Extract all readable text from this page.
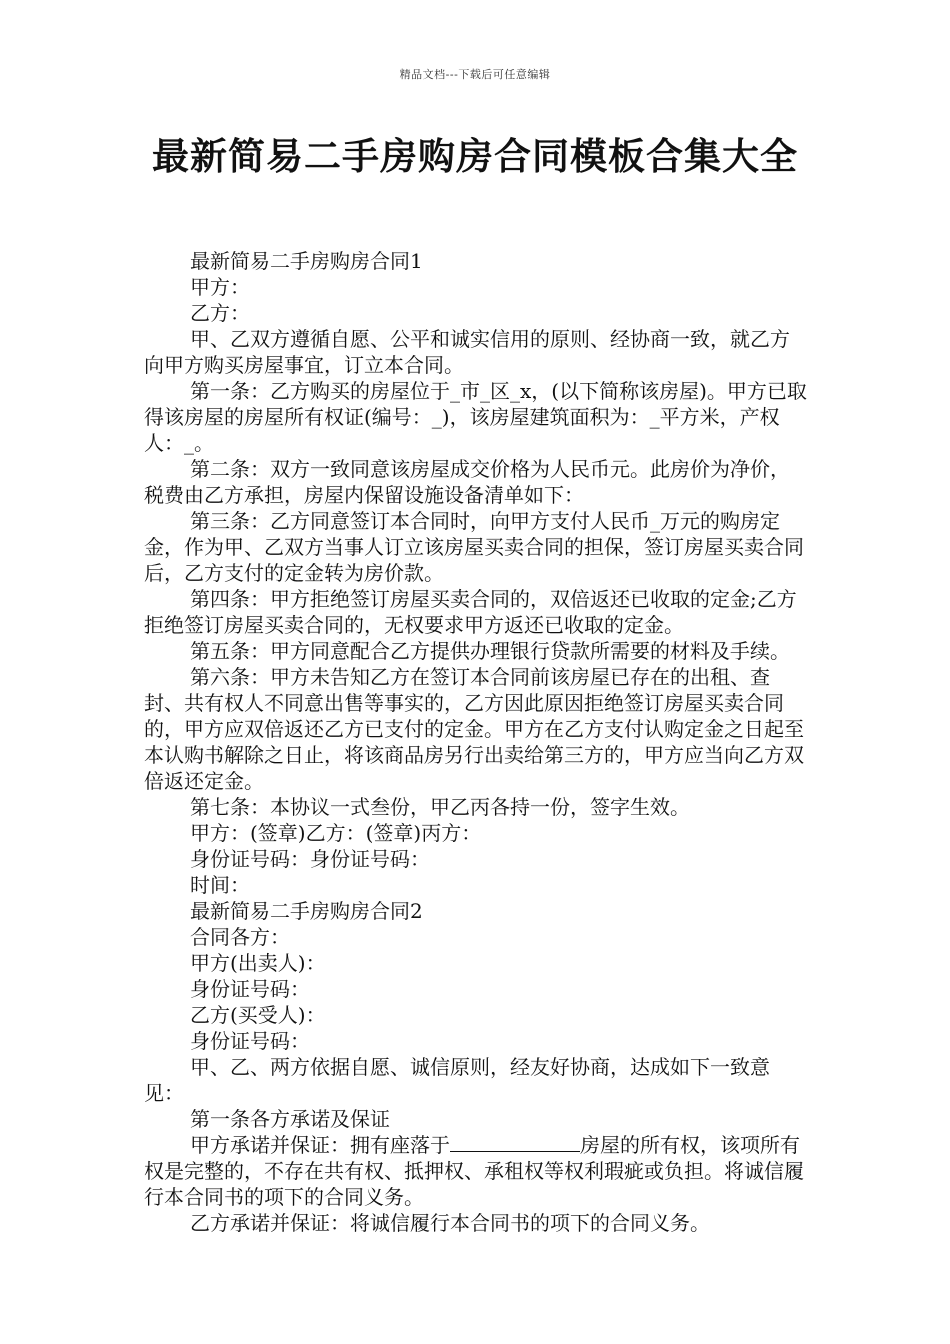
精品文档---下载后可任意编辑
最新简易二手房购房合同模板合集大全

最新简易二手房购房合同1

甲方：

乙方：

甲、乙双方遵循自愿、公平和诚实信用的原则、经协商一致，就乙方向甲方购买房屋事宜，订立本合同。

第一条：乙方购买的房屋位于_市_区_x，(以下简称该房屋)。甲方已取得该房屋的房屋所有权证(编号：_)，该房屋建筑面积为：_平方米，产权人：_。

第二条：双方一致同意该房屋成交价格为人民币元。此房价为净价，税费由乙方承担，房屋内保留设施设备清单如下：

第三条：乙方同意签订本合同时，向甲方支付人民币_万元的购房定金，作为甲、乙双方当事人订立该房屋买卖合同的担保，签订房屋买卖合同后，乙方支付的定金转为房价款。

第四条：甲方拒绝签订房屋买卖合同的，双倍返还已收取的定金;乙方拒绝签订房屋买卖合同的，无权要求甲方返还已收取的定金。

第五条：甲方同意配合乙方提供办理银行贷款所需要的材料及手续。

第六条：甲方未告知乙方在签订本合同前该房屋已存在的出租、查封、共有权人不同意出售等事实的，乙方因此原因拒绝签订房屋买卖合同的，甲方应双倍返还乙方已支付的定金。甲方在乙方支付认购定金之日起至本认购书解除之日止，将该商品房另行出卖给第三方的，甲方应当向乙方双倍返还定金。

第七条：本协议一式叁份，甲乙丙各持一份，签字生效。

甲方：(签章)乙方：(签章)丙方：

身份证号码：身份证号码：

时间：

最新简易二手房购房合同2

合同各方：

甲方(出卖人)：

身份证号码：

乙方(买受人)：

身份证号码：

甲、乙、两方依据自愿、诚信原则，经友好协商，达成如下一致意见：

第一条各方承诺及保证

甲方承诺并保证：拥有座落于	房屋的所有权，该项所有权是完整的，不存在共有权、抵押权、承租权等权利瑕疵或负担。将诚信履行本合同书的项下的合同义务。

乙方承诺并保证：将诚信履行本合同书的项下的合同义务。
